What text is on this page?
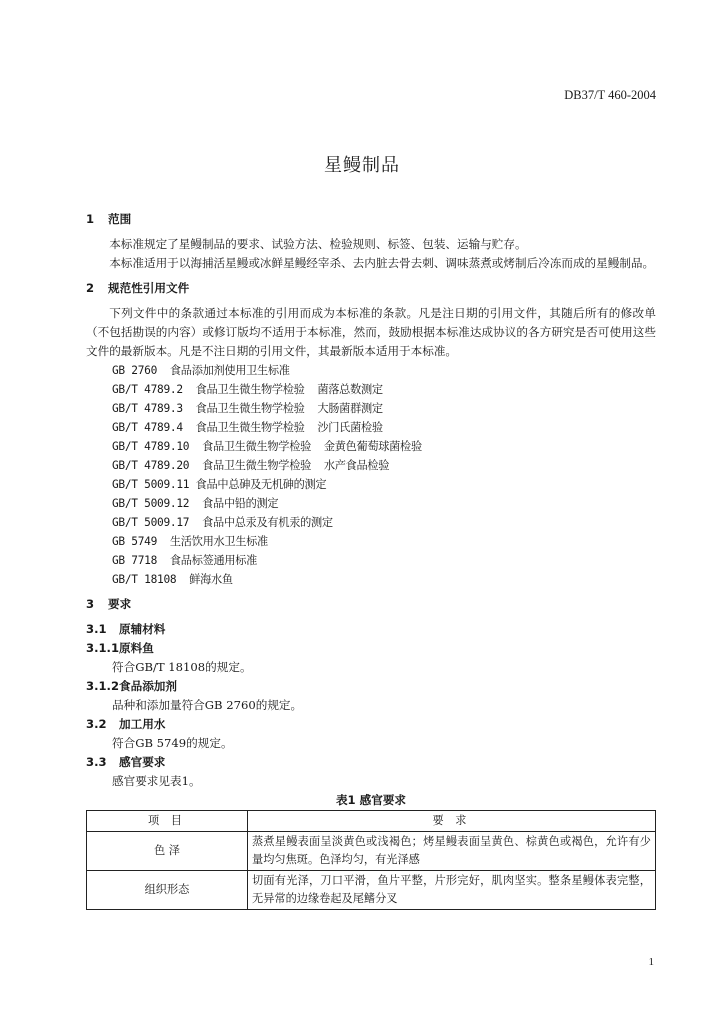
DB37/T 460-2004
星鳗制品

1 范围

本标准规定了星鳗制品的要求、试验方法、检验规则、标签、包装、运输与贮存。

本标准适用于以海捕活星鳗或冰鲜星鳗经宰杀、去内脏去骨去刺、调味蒸煮或烤制后冷冻而成的星鳗制品。

2 规范性引用文件

下列文件中的条款通过本标准的引用而成为本标准的条款。凡是注日期的引用文件，其随后所有的修改单（不包括勘误的内容）或修订版均不适用于本标准，然而，鼓励根据本标准达成协议的各方研究是否可使用这些文件的最新版本。凡是不注日期的引用文件，其最新版本适用于本标准。

GB 2760  食品添加剂使用卫生标准

GB/T 4789.2  食品卫生微生物学检验  菌落总数测定

GB/T 4789.3  食品卫生微生物学检验  大肠菌群测定

GB/T 4789.4  食品卫生微生物学检验  沙门氏菌检验

GB/T 4789.10  食品卫生微生物学检验  金黄色葡萄球菌检验

GB/T 4789.20  食品卫生微生物学检验  水产食品检验

GB/T 5009.11 食品中总砷及无机砷的测定

GB/T 5009.12  食品中铅的测定

GB/T 5009.17  食品中总汞及有机汞的测定

GB 5749  生活饮用水卫生标准

GB 7718  食品标签通用标准

GB/T 18108  鲜海水鱼

3 要求

3.1 原辅材料

3.1.1原料鱼

符合GB/T 18108的规定。

3.1.2食品添加剂

品种和添加量符合GB 2760的规定。

3.2 加工用水

符合GB 5749的规定。

3.3 感官要求

感官要求见表1。

表1 感官要求

项 目	要 求
色 泽	蒸煮星鳗表面呈淡黄色或浅褐色；烤星鳗表面呈黄色、棕黄色或褐色，允许有少量均匀焦斑。色泽均匀，有光泽感
组织形态	切面有光泽，刀口平滑，鱼片平整，片形完好，肌肉坚实。整条星鳗体表完整，无异常的边缘卷起及尾鳍分叉
1
